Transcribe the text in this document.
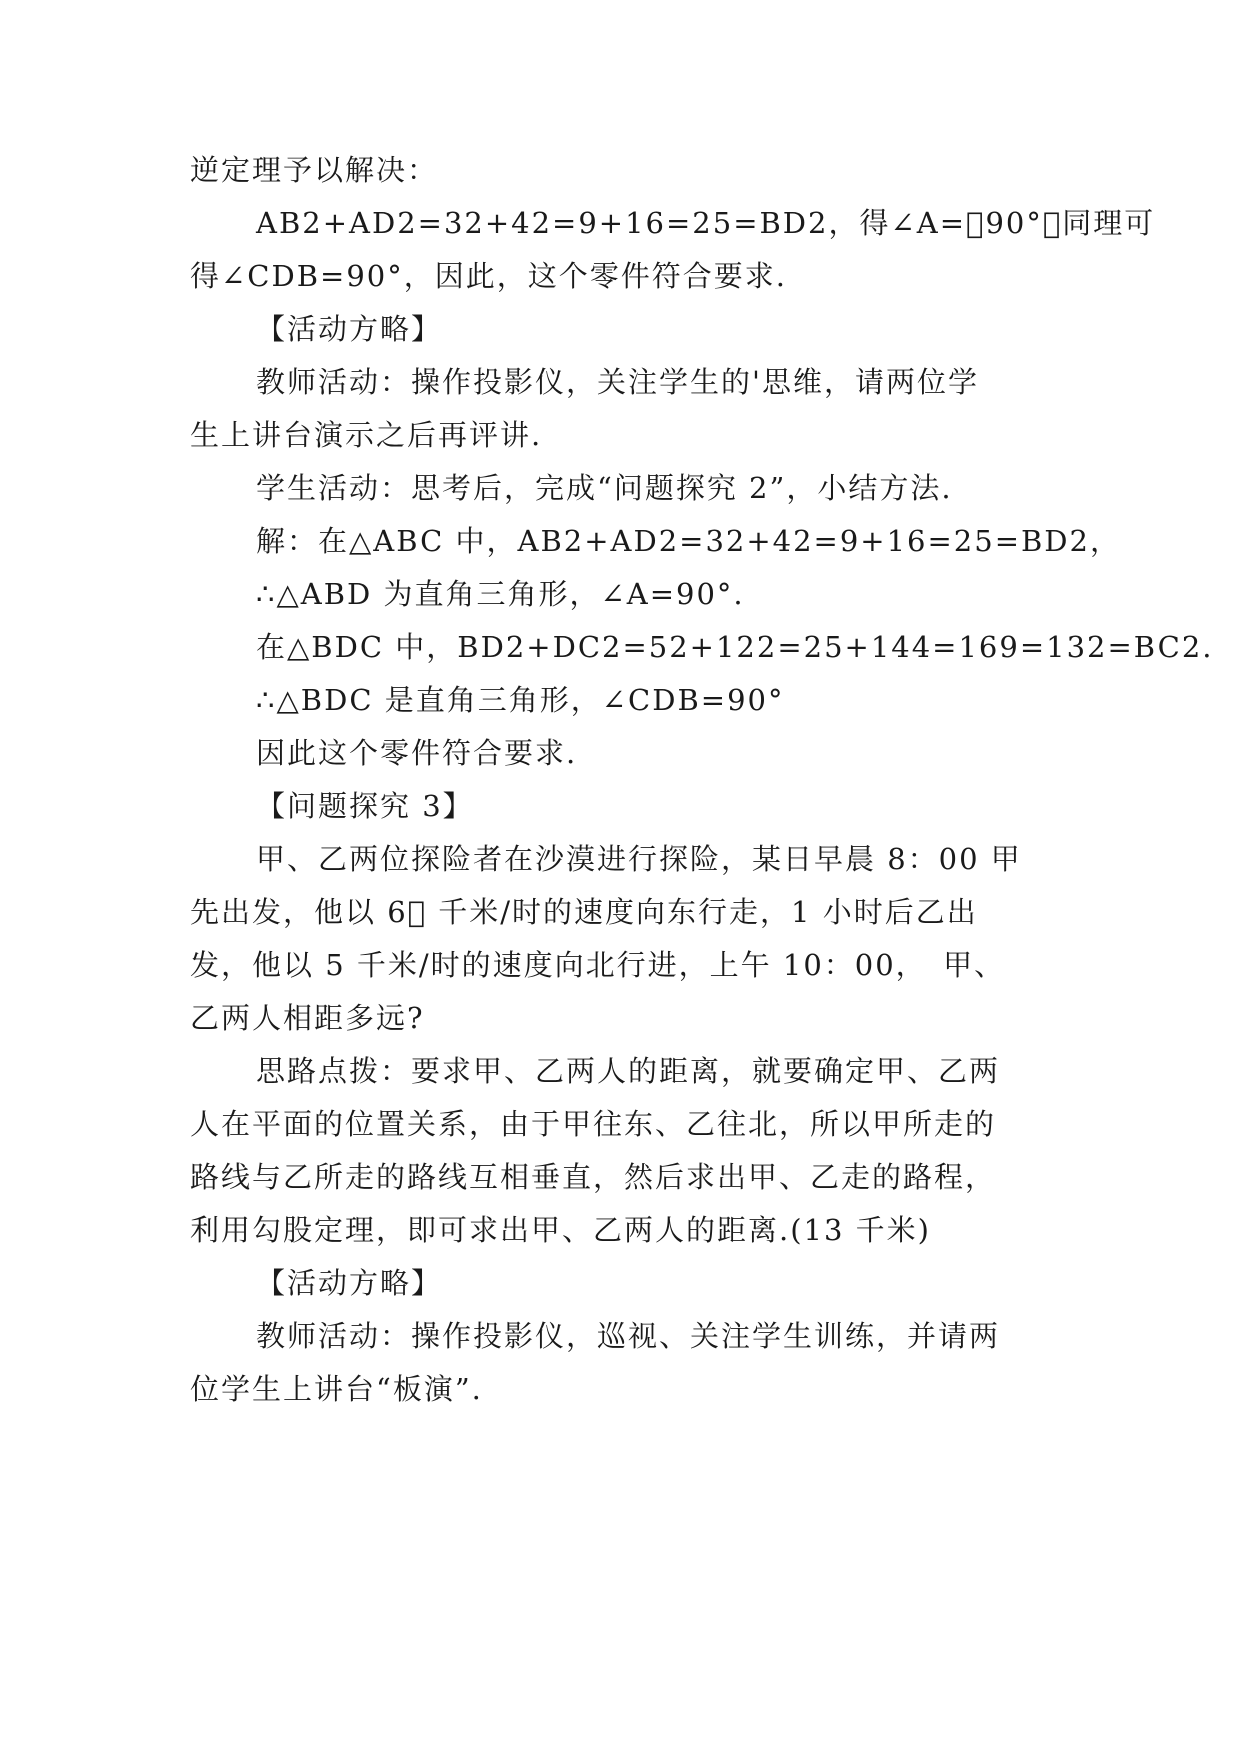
逆定理予以解决：
AB2+AD2=32+42=9+16=25=BD2，得∠A=󰀀90°，同理可
得∠CDB=90°，因此，这个零件符合要求.
【活动方略】
教师活动：操作投影仪，关注学生的'思维，请两位学
生上讲台演示之后再评讲.
学生活动：思考后，完成“问题探究 2”，小结方法.
解：在△ABC 中，AB2+AD2=32+42=9+16=25=BD2，
∴△ABD 为直角三角形，∠A=90°.
在△BDC 中，BD2+DC2=52+122=25+144=169=132=BC2.
∴△BDC 是直角三角形，∠CDB=90°
因此这个零件符合要求.
【问题探究 3】
甲、乙两位探险者在沙漠进行探险，某日早晨 8：00 甲
先出发，他以 6󰀀 千米/时的速度向东行走，1 小时后乙出
发，他以 5 千米/时的速度向北行进，上午 10：00，　甲、
乙两人相距多远?
思路点拨：要求甲、乙两人的距离，就要确定甲、乙两
人在平面的位置关系，由于甲往东、乙往北，所以甲所走的
路线与乙所走的路线互相垂直，然后求出甲、乙走的路程，
利用勾股定理，即可求出甲、乙两人的距离.(13 千米)
【活动方略】
教师活动：操作投影仪，巡视、关注学生训练，并请两
位学生上讲台“板演”.
